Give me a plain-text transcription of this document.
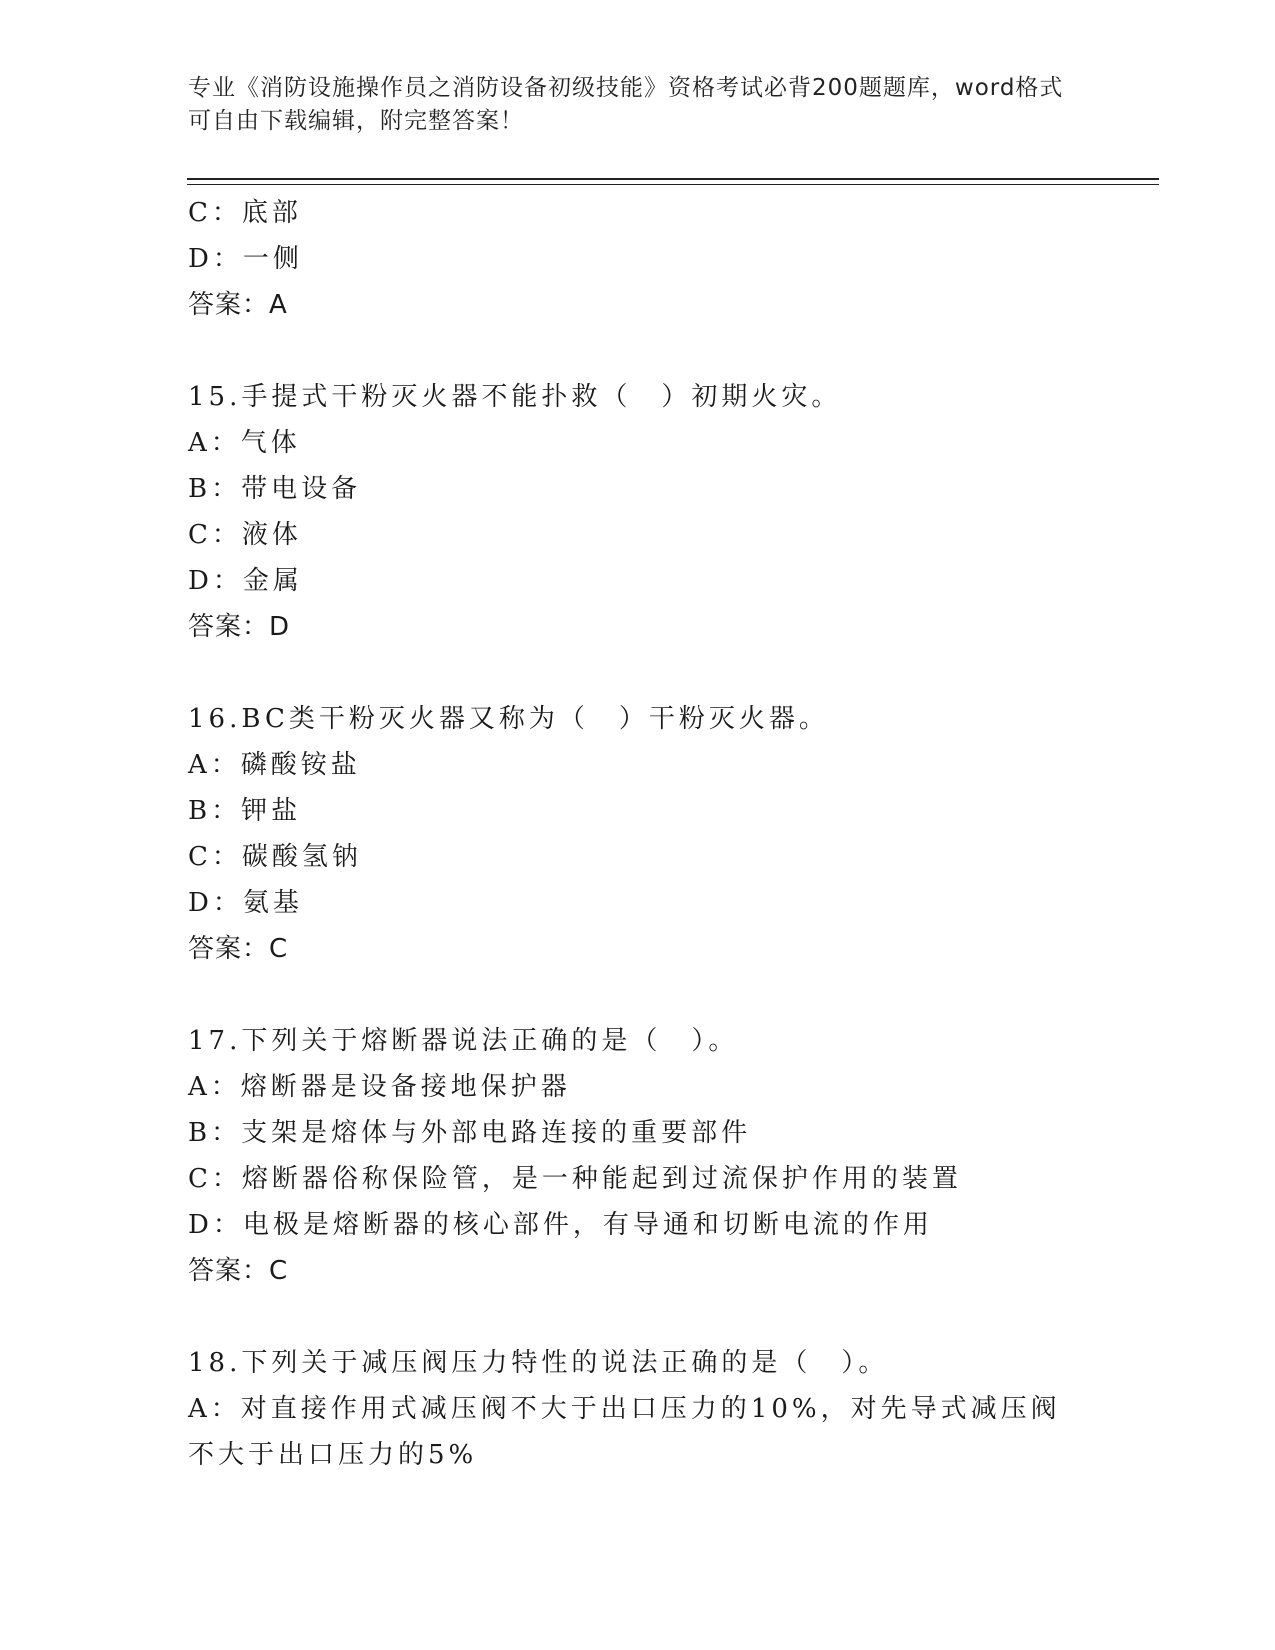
专业《消防设施操作员之消防设备初级技能》资格考试必背200题题库，word格式可自由下载编辑，附完整答案！
C：底部
D：一侧
答案：A
15.手提式干粉灭火器不能扑救（　）初期火灾。
A：气体
B：带电设备
C：液体
D：金属
答案：D
16.BC类干粉灭火器又称为（　）干粉灭火器。
A：磷酸铵盐
B：钾盐
C：碳酸氢钠
D：氨基
答案：C
17.下列关于熔断器说法正确的是（　）。
A：熔断器是设备接地保护器
B：支架是熔体与外部电路连接的重要部件
C：熔断器俗称保险管，是一种能起到过流保护作用的装置
D：电极是熔断器的核心部件，有导通和切断电流的作用
答案：C
18.下列关于减压阀压力特性的说法正确的是（　）。
A：对直接作用式减压阀不大于出口压力的10%，对先导式减压阀不大于出口压力的5%
